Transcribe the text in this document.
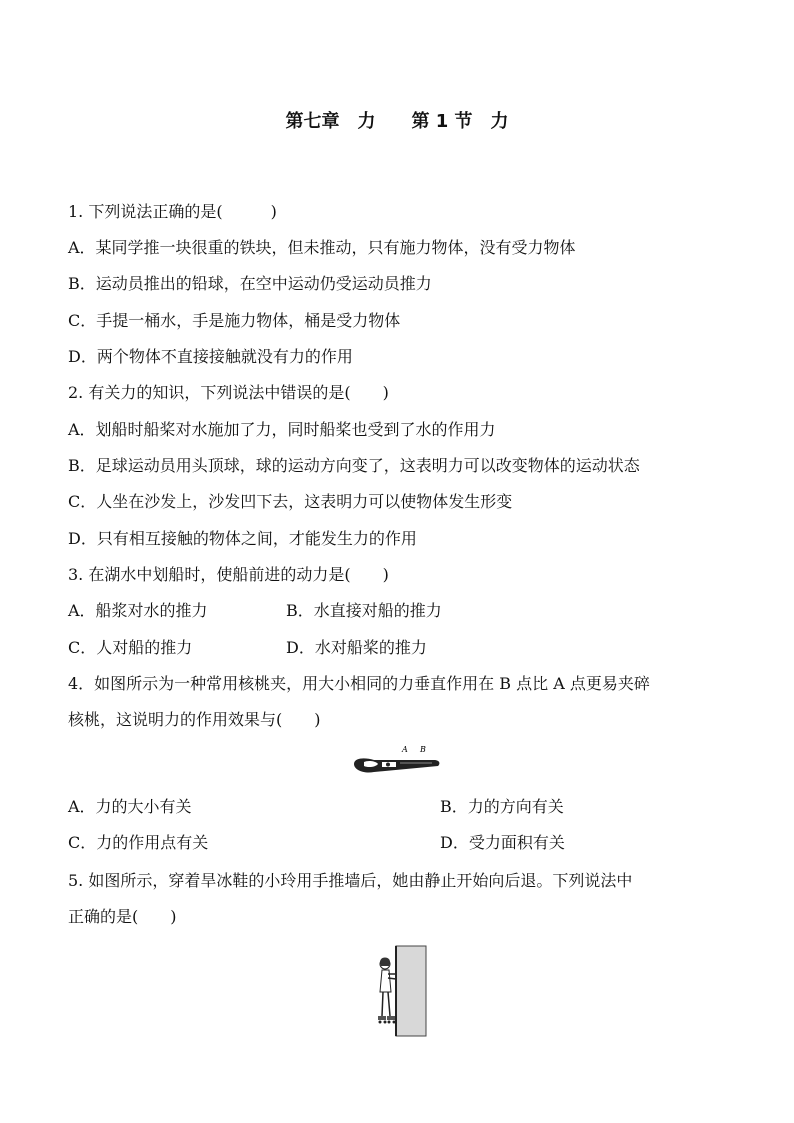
第七章　力　　 第 1 节　力
1. 下列说法正确的是(　　　)
A．某同学推一块很重的铁块，但未推动，只有施力物体，没有受力物体
B．运动员推出的铅球，在空中运动仍受运动员推力
C．手提一桶水，手是施力物体，桶是受力物体
D．两个物体不直接接触就没有力的作用
2. 有关力的知识，下列说法中错误的是(　　)
A．划船时船桨对水施加了力，同时船桨也受到了水的作用力
B．足球运动员用头顶球，球的运动方向变了，这表明力可以改变物体的运动状态
C．人坐在沙发上，沙发凹下去，这表明力可以使物体发生形变
D．只有相互接触的物体之间，才能发生力的作用
3. 在湖水中划船时，使船前进的动力是(　　)
A．船浆对水的推力	B．水直接对船的推力
C．人对船的推力	D．水对船桨的推力
4．如图所示为一种常用核桃夹，用大小相同的力垂直作用在 B 点比 A 点更易夹碎
核桃，这说明力的作用效果与(　　)
A B
A．力的大小有关	B．力的方向有关
C．力的作用点有关	D．受力面积有关
5. 如图所示，穿着旱冰鞋的小玲用手推墙后，她由静止开始向后退。下列说法中
正确的是(　　)
